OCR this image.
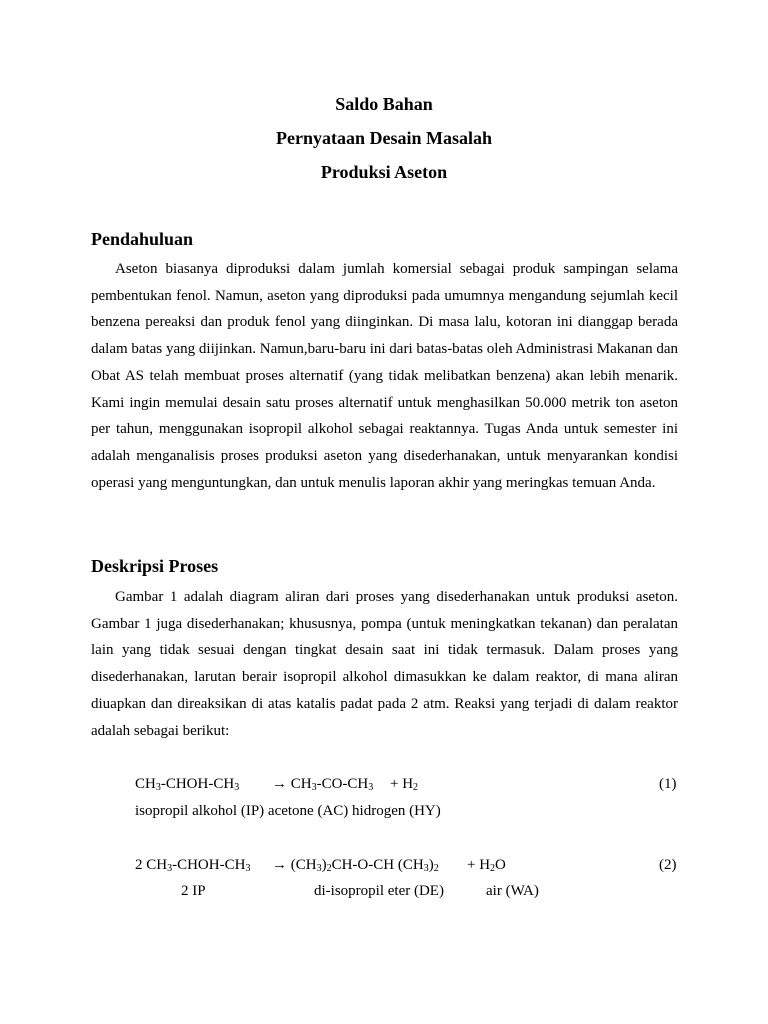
Saldo Bahan
Pernyataan Desain Masalah
Produksi Aseton
Pendahuluan

Aseton biasanya diproduksi dalam jumlah komersial sebagai produk sampingan selama pembentukan fenol. Namun, aseton yang diproduksi pada umumnya mengandung sejumlah kecil benzena pereaksi dan produk fenol yang diinginkan. Di masa lalu, kotoran ini dianggap berada dalam batas yang diijinkan. Namun,baru-baru ini dari batas-batas oleh Administrasi Makanan dan Obat AS telah membuat proses alternatif (yang tidak melibatkan benzena) akan lebih menarik. Kami ingin memulai desain satu proses alternatif untuk menghasilkan 50.000 metrik ton aseton per tahun, menggunakan isopropil alkohol sebagai reaktannya. Tugas Anda untuk semester ini adalah menganalisis proses produksi aseton yang disederhanakan, untuk menyarankan kondisi operasi yang menguntungkan, dan untuk menulis laporan akhir yang meringkas temuan Anda.

Deskripsi Proses

Gambar 1 adalah diagram aliran dari proses yang disederhanakan untuk produksi aseton. Gambar 1 juga disederhanakan; khususnya, pompa (untuk meningkatkan tekanan) dan peralatan lain yang tidak sesuai dengan tingkat desain saat ini tidak termasuk. Dalam proses yang disederhanakan, larutan berair isopropil alkohol dimasukkan ke dalam reaktor, di mana aliran diuapkan dan direaksikan di atas katalis padat pada 2 atm. Reaksi yang terjadi di dalam reaktor adalah sebagai berikut:

$CH_3-CHOH-CH_3 \to CH_3-CO-CH_3 + H_2$	(1)
isopropil alkohol (IP) acetone (AC) hidrogen (HY)
2 $CH_3-CHOH-CH_3 \to (CH_3)_2CH-O-CH$ $(CH_3)_2 + H_2O$	(2)
2 IP	di-isopropil eter (DE)	air (WA)
